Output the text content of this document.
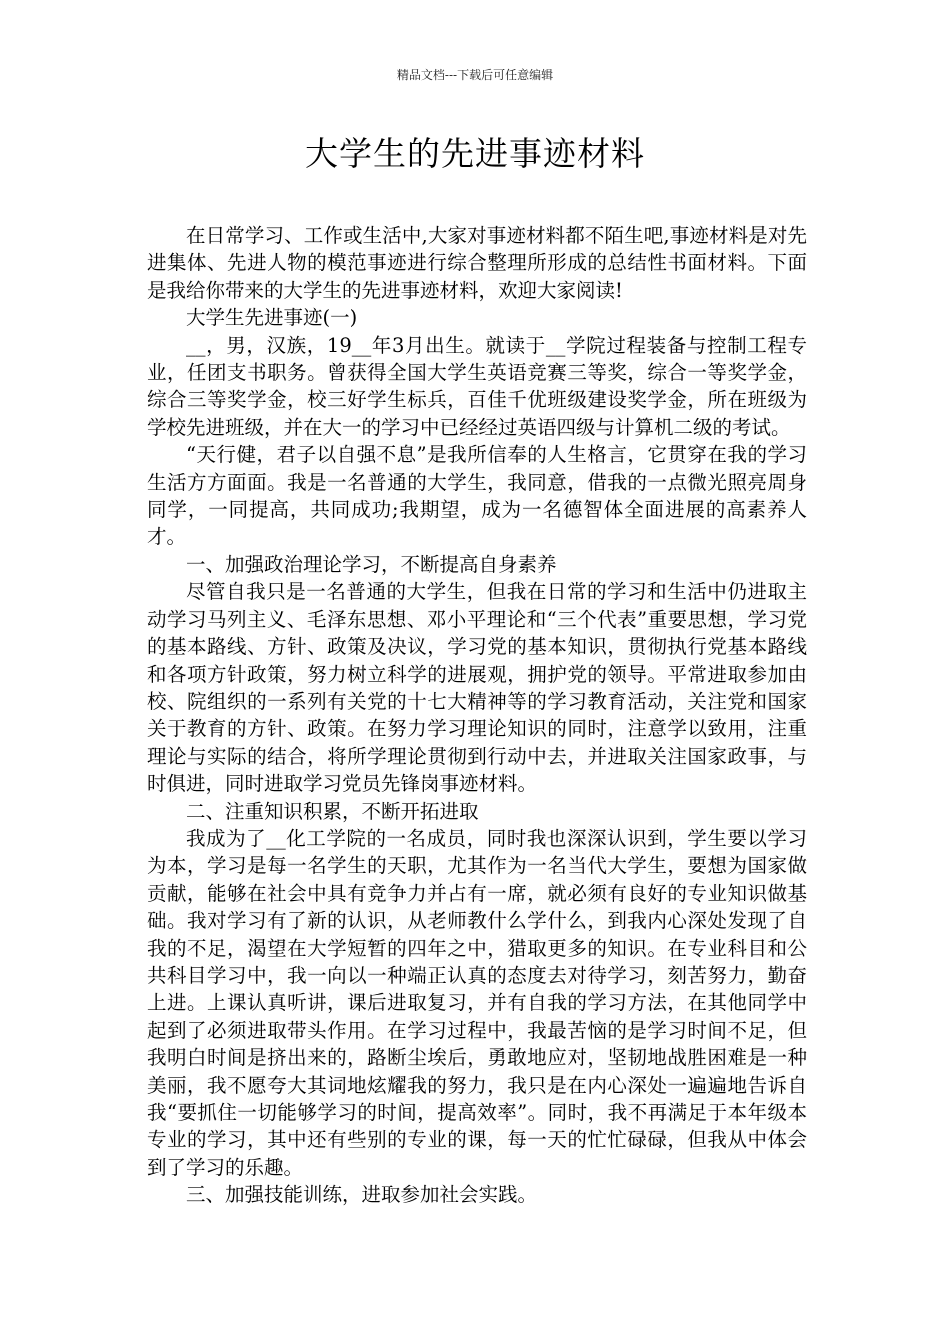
精品文档---下载后可任意编辑
大学生的先进事迹材料

在日常学习、工作或生活中,大家对事迹材料都不陌生吧,事迹材料是对先进集体、先进人物的模范事迹进行综合整理所形成的总结性书面材料。下面是我给你带来的大学生的先进事迹材料，欢迎大家阅读!

大学生先进事迹(一)

__，男，汉族，19__年3月出生。就读于__学院过程装备与控制工程专业，任团支书职务。曾获得全国大学生英语竞赛三等奖，综合一等奖学金，综合三等奖学金，校三好学生标兵，百佳千优班级建设奖学金，所在班级为学校先进班级，并在大一的学习中已经经过英语四级与计算机二级的考试。

“天行健，君子以自强不息”是我所信奉的人生格言，它贯穿在我的学习生活方方面面。我是一名普通的大学生，我同意，借我的一点微光照亮周身同学，一同提高，共同成功;我期望，成为一名德智体全面进展的高素养人才。

一、加强政治理论学习，不断提高自身素养

尽管自我只是一名普通的大学生，但我在日常的学习和生活中仍进取主动学习马列主义、毛泽东思想、邓小平理论和“三个代表”重要思想，学习党的基本路线、方针、政策及决议，学习党的基本知识，贯彻执行党基本路线和各项方针政策，努力树立科学的进展观，拥护党的领导。平常进取参加由校、院组织的一系列有关党的十七大精神等的学习教育活动，关注党和国家关于教育的方针、政策。在努力学习理论知识的同时，注意学以致用，注重理论与实际的结合，将所学理论贯彻到行动中去，并进取关注国家政事，与时俱进，同时进取学习党员先锋岗事迹材料。

二、注重知识积累，不断开拓进取

我成为了__化工学院的一名成员，同时我也深深认识到，学生要以学习为本，学习是每一名学生的天职，尤其作为一名当代大学生，要想为国家做贡献，能够在社会中具有竞争力并占有一席，就必须有良好的专业知识做基础。我对学习有了新的认识，从老师教什么学什么，到我内心深处发现了自我的不足，渴望在大学短暂的四年之中，猎取更多的知识。在专业科目和公共科目学习中，我一向以一种端正认真的态度去对待学习，刻苦努力，勤奋上进。上课认真听讲，课后进取复习，并有自我的学习方法，在其他同学中起到了必须进取带头作用。在学习过程中，我最苦恼的是学习时间不足，但我明白时间是挤出来的，路断尘埃后，勇敢地应对，坚韧地战胜困难是一种美丽，我不愿夸大其词地炫耀我的努力，我只是在内心深处一遍遍地告诉自我“要抓住一切能够学习的时间，提高效率”。同时，我不再满足于本年级本专业的学习，其中还有些别的专业的课，每一天的忙忙碌碌，但我从中体会到了学习的乐趣。

三、加强技能训练，进取参加社会实践。
